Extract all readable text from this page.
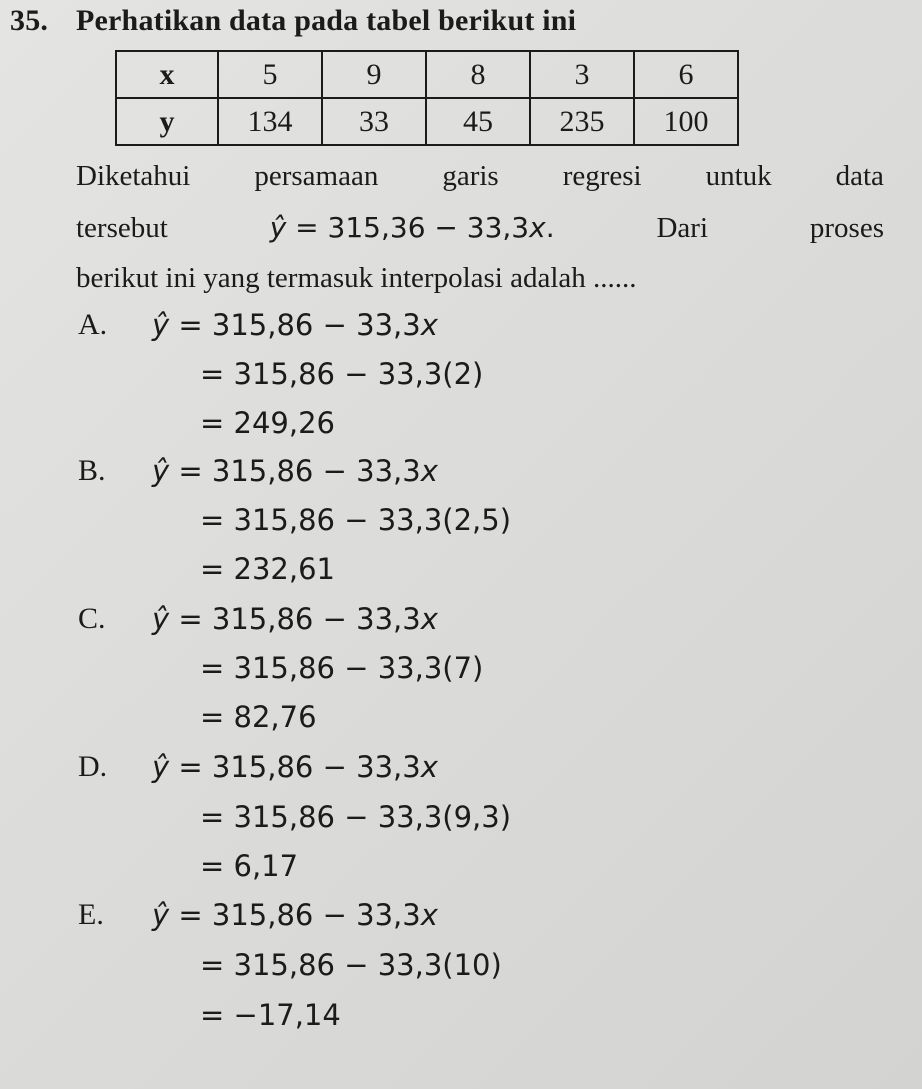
35. Perhatikan data pada tabel berikut ini
x	5	9	8	3	6
y	134	33	45	235	100
Diketahui persamaan garis regresi untuk data
tersebut	ŷ = 315,36 − 33,3x.	Dari	proses
berikut ini yang termasuk interpolasi adalah ......
A. ŷ = 315,86 − 33,3x
= 315,86 − 33,3(2)
= 249,26
B. ŷ = 315,86 − 33,3x
= 315,86 − 33,3(2,5)
= 232,61
C. ŷ = 315,86 − 33,3x
= 315,86 − 33,3(7)
= 82,76
D. ŷ = 315,86 − 33,3x
= 315,86 − 33,3(9,3)
= 6,17
E. ŷ = 315,86 − 33,3x
= 315,86 − 33,3(10)
= −17,14
